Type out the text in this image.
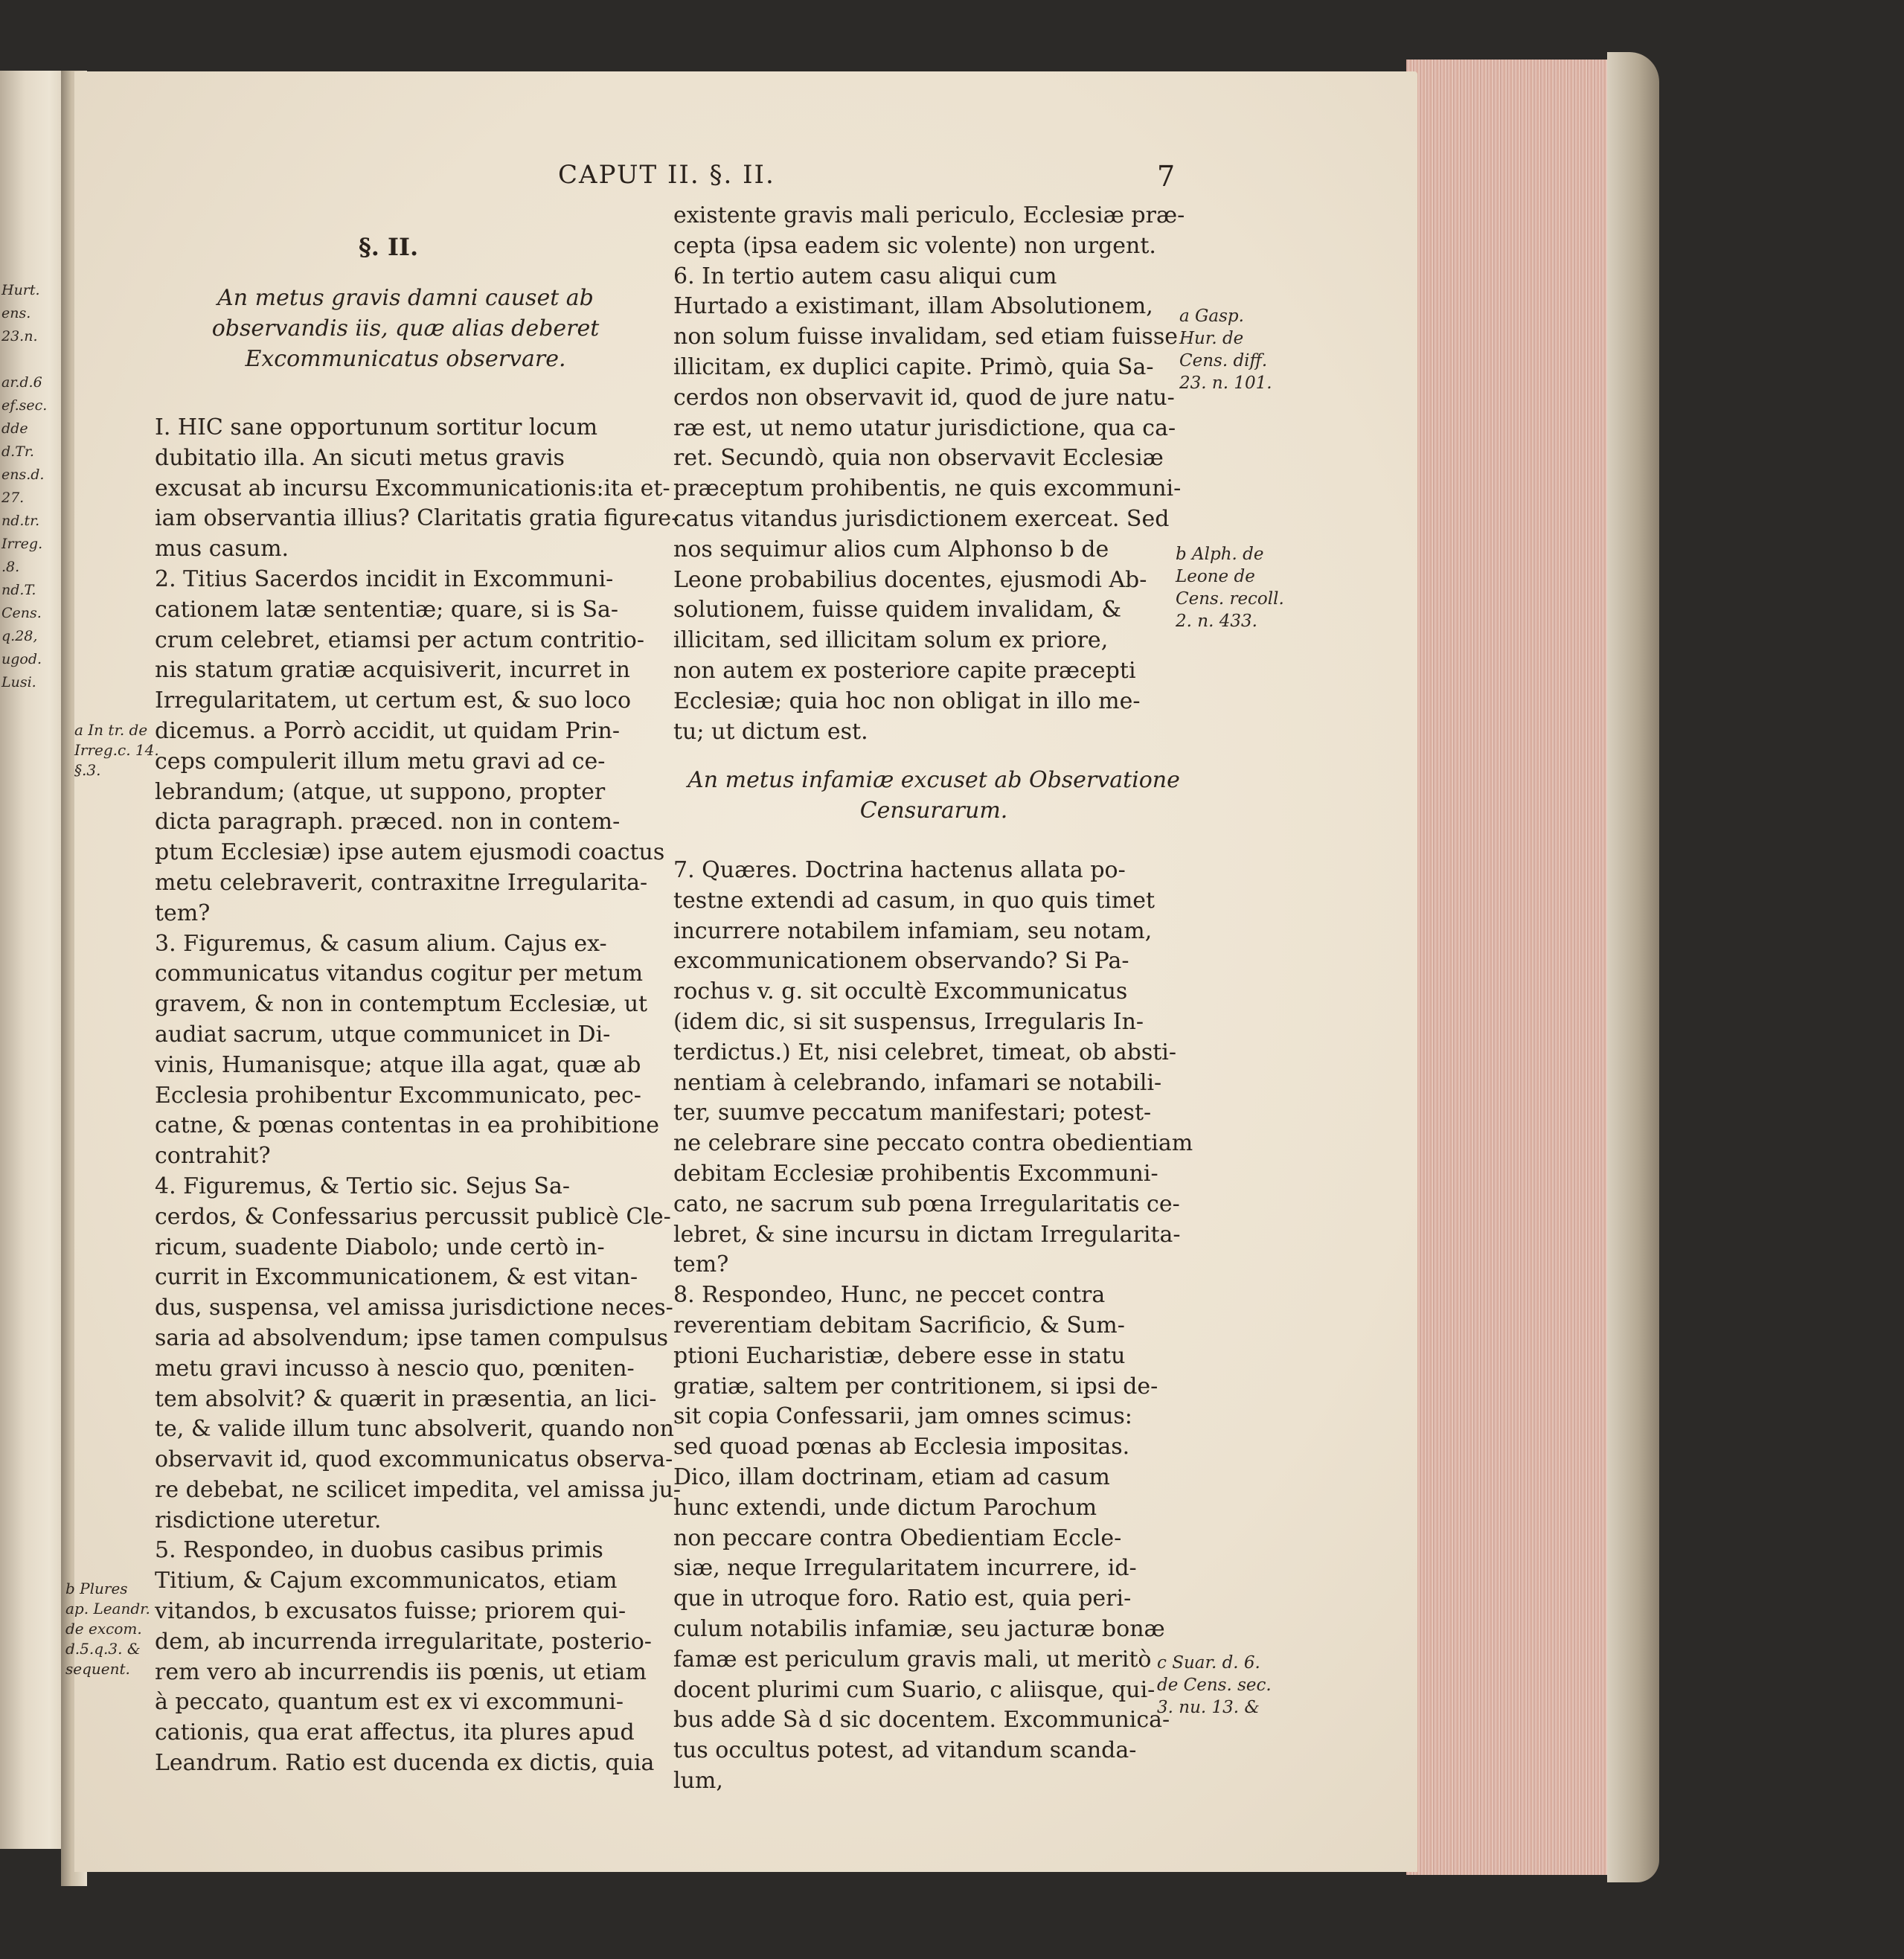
Hurt.
ens.
23.n.

ar.d.6
ef.sec.
dde
d.Tr.
ens.d.
27.
nd.tr.
Irreg.
.8.
nd.T.
Cens.
q.28,
ugod.
Lusi.
CAPUT II. §. II.	7
§. II.
An metus gravis damni causet ab observandis iis, quæ alias deberet Excommunicatus observare.
I. HIC sane opportunum sortitur locum
dubitatio illa. An sicuti metus gravis
excusat ab incursu Excommunicationis:ita et-
iam observantia illius? Claritatis gratia figure-
mus casum.
2. Titius Sacerdos incidit in Excommuni-
cationem latæ sententiæ; quare, si is Sa-
crum celebret, etiamsi per actum contritio-
nis statum gratiæ acquisiverit, incurret in
Irregularitatem, ut certum est, & suo loco
dicemus. a Porrò accidit, ut quidam Prin-
ceps compulerit illum metu gravi ad ce-
lebrandum; (atque, ut suppono, propter
dicta paragraph. præced. non in contem-
ptum Ecclesiæ) ipse autem ejusmodi coactus
metu celebraverit, contraxitne Irregularita-
tem?
3. Figuremus, & casum alium. Cajus ex-
communicatus vitandus cogitur per metum
gravem, & non in contemptum Ecclesiæ, ut
audiat sacrum, utque communicet in Di-
vinis, Humanisque; atque illa agat, quæ ab
Ecclesia prohibentur Excommunicato, pec-
catne, & pœnas contentas in ea prohibitione
contrahit?
4. Figuremus, & Tertio sic. Sejus Sa-
cerdos, & Confessarius percussit publicè Cle-
ricum, suadente Diabolo; unde certò in-
currit in Excommunicationem, & est vitan-
dus, suspensa, vel amissa jurisdictione neces-
saria ad absolvendum; ipse tamen compulsus
metu gravi incusso à nescio quo, pœniten-
tem absolvit? & quærit in præsentia, an lici-
te, & valide illum tunc absolverit, quando non
observavit id, quod excommunicatus observa-
re debebat, ne scilicet impedita, vel amissa ju-
risdictione uteretur.
5. Respondeo, in duobus casibus primis
Titium, & Cajum excommunicatos, etiam
vitandos, b excusatos fuisse; priorem qui-
dem, ab incurrenda irregularitate, posterio-
rem vero ab incurrendis iis pœnis, ut etiam
à peccato, quantum est ex vi excommuni-
cationis, qua erat affectus, ita plures apud
Leandrum. Ratio est ducenda ex dictis, quia
existente gravis mali periculo, Ecclesiæ præ-
cepta (ipsa eadem sic volente) non urgent.
6. In tertio autem casu aliqui cum
Hurtado a existimant, illam Absolutionem,
non solum fuisse invalidam, sed etiam fuisse
illicitam, ex duplici capite. Primò, quia Sa-
cerdos non observavit id, quod de jure natu-
ræ est, ut nemo utatur jurisdictione, qua ca-
ret. Secundò, quia non observavit Ecclesiæ
præceptum prohibentis, ne quis excommuni-
catus vitandus jurisdictionem exerceat. Sed
nos sequimur alios cum Alphonso b de
Leone probabilius docentes, ejusmodi Ab-
solutionem, fuisse quidem invalidam, &
illicitam, sed illicitam solum ex priore,
non autem ex posteriore capite præcepti
Ecclesiæ; quia hoc non obligat in illo me-
tu; ut dictum est.
An metus infamiæ excuset ab Observatione Censurarum.
7. Quæres. Doctrina hactenus allata po-
testne extendi ad casum, in quo quis timet
incurrere notabilem infamiam, seu notam,
excommunicationem observando? Si Pa-
rochus v. g. sit occultè Excommunicatus
(idem dic, si sit suspensus, Irregularis In-
terdictus.) Et, nisi celebret, timeat, ob absti-
nentiam à celebrando, infamari se notabili-
ter, suumve peccatum manifestari; potest-
ne celebrare sine peccato contra obedientiam
debitam Ecclesiæ prohibentis Excommuni-
cato, ne sacrum sub pœna Irregularitatis ce-
lebret, & sine incursu in dictam Irregularita-
tem?
8. Respondeo, Hunc, ne peccet contra
reverentiam debitam Sacrificio, & Sum-
ptioni Eucharistiæ, debere esse in statu
gratiæ, saltem per contritionem, si ipsi de-
sit copia Confessarii, jam omnes scimus:
sed quoad pœnas ab Ecclesia impositas.
Dico, illam doctrinam, etiam ad casum
hunc extendi, unde dictum Parochum
non peccare contra Obedientiam Eccle-
siæ, neque Irregularitatem incurrere, id-
que in utroque foro. Ratio est, quia peri-
culum notabilis infamiæ, seu jacturæ bonæ
famæ est periculum gravis mali, ut meritò
docent plurimi cum Suario, c aliisque, qui-
bus adde Sà d sic docentem. Excommunica-
tus occultus potest, ad vitandum scanda-
lum,
a In tr. de
Irreg.c. 14.
§.3.
b Plures
ap. Leandr.
de excom.
d.5.q.3. &
sequent.
a Gasp.
Hur. de
Cens. diff.
23. n. 101.
b Alph. de
Leone de
Cens. recoll.
2. n. 433.
c Suar. d. 6.
de Cens. sec.
3. nu. 13. &
